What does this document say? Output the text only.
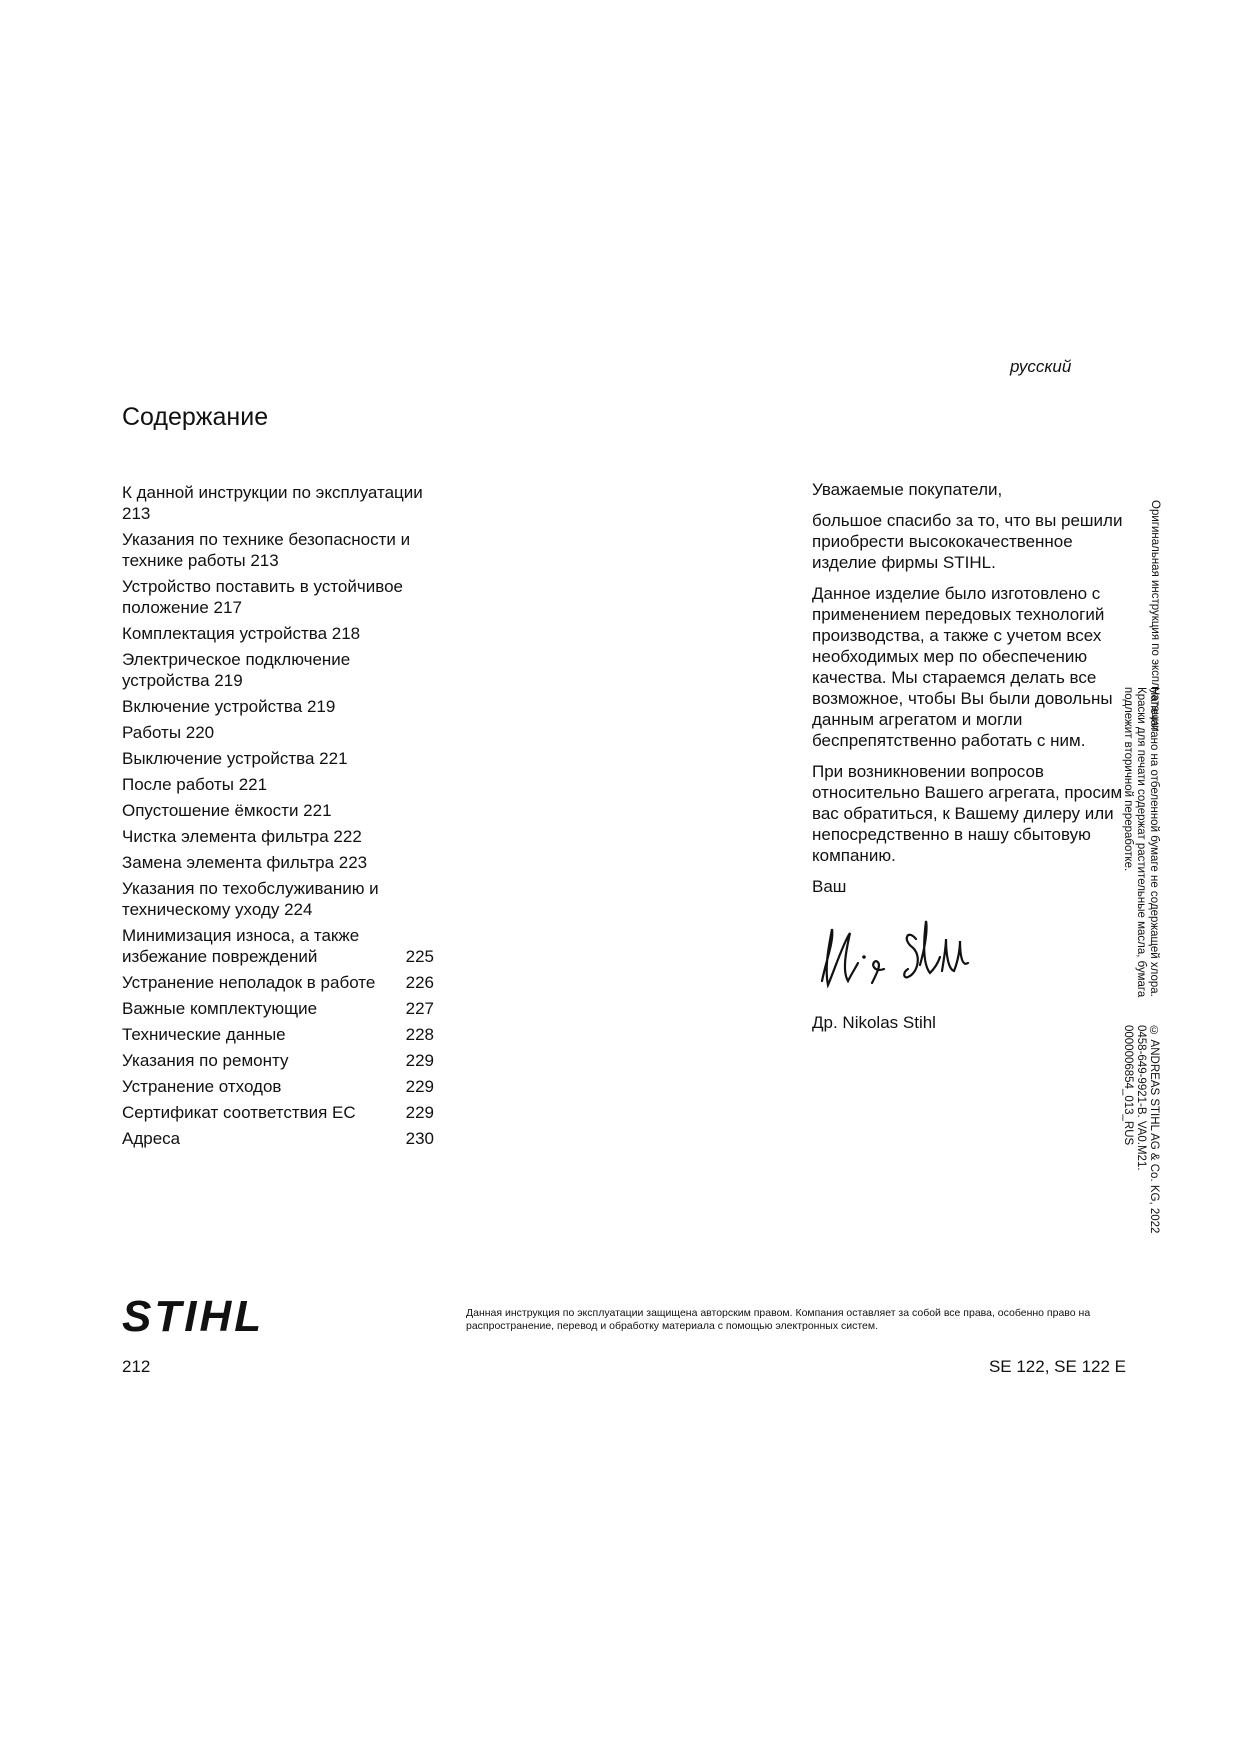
русский
Содержание
К данной инструкции по эксплуатации 213
Указания по технике безопасности и технике работы 213
Устройство поставить в устойчивое положение 217
Комплектация устройства 218
Электрическое подключение устройства 219
Включение устройства 219
Работы 220
Выключение устройства 221
После работы 221
Опустошение ёмкости 221
Чистка элемента фильтра 222
Замена элемента фильтра 223
Указания по техобслуживанию и техническому уходу 224
Минимизация износа, а также избежание повреждений	225
Устранение неполадок в работе 226
Важные комплектующие	227
Технические данные	228
Указания по ремонту	229
Устранение отходов	229
Сертификат соответствия ЕС	229
Адреса	230

Уважаемые покупатели,

большое спасибо за то, что вы решили приобрести высококачественное изделие фирмы STIHL.

Данное изделие было изготовлено с применением передовых технологий производства, а также с учетом всех необходимых мер по обеспечению качества. Мы стараемся делать все возможное, чтобы Вы были довольны данным агрегатом и могли беспрепятственно работать с ним.

При возникновении вопросов относительно Вашего агрегата, просим вас обратиться, к Вашему дилеру или непосредственно в нашу сбытовую компанию.

Ваш

Др. Nikolas Stihl

Оригинальная инструкция по эксплуатации
Напечатано на отбеленной бумаге не содержащей хлора. Краски для печати содержат растительные масла, бумага подлежит вторичной переработке.
© ANDREAS STIHL AG & Co. KG, 2022 0458-649-9921-B. VA0.M21. 0000006854_013_RUS
STIHL	Данная инструкция по эксплуатации защищена авторским правом. Компания оставляет за собой все права, особенно право на распространение, перевод и обработку материала с помощью электронных систем.
212	SE 122, SE 122 E
